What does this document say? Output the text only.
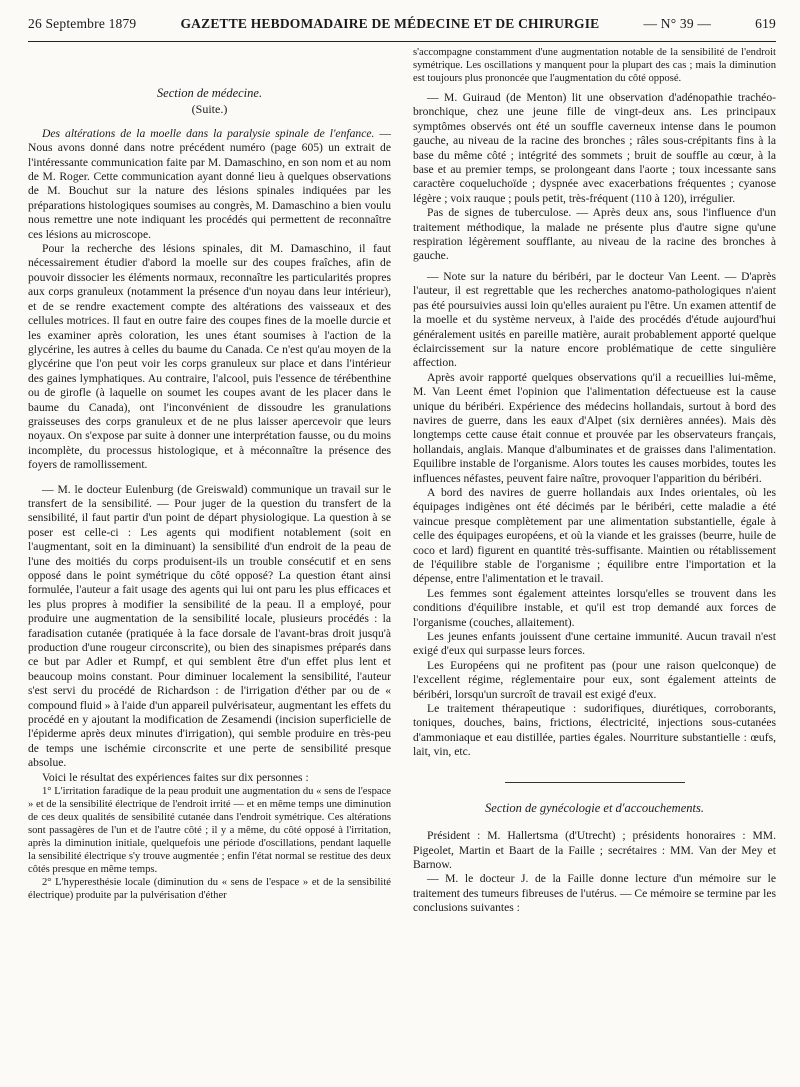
26 Septembre 1879	GAZETTE HEBDOMADAIRE DE MÉDECINE ET DE CHIRURGIE	— N° 39 —	619
Section de médecine.
(Suite.)

Des altérations de la moelle dans la paralysie spinale de l'enfance. — Nous avons donné dans notre précédent numéro (page 605) un extrait de l'intéressante communication faite par M. Damaschino, en son nom et au nom de M. Roger. Cette communication ayant donné lieu à quelques observations de M. Bouchut sur la nature des lésions spinales indiquées par les préparations histologiques soumises au congrès, M. Damaschino a bien voulu nous remettre une note indiquant les procédés qui permettent de reconnaître ces lésions au microscope.

Pour la recherche des lésions spinales, dit M. Damaschino, il faut nécessairement étudier d'abord la moelle sur des coupes fraîches, afin de pouvoir dissocier les éléments normaux, reconnaître les particularités propres aux corps granuleux (notamment la présence d'un noyau dans leur intérieur), et de se rendre exactement compte des altérations des vaisseaux et des cellules motrices. Il faut en outre faire des coupes fines de la moelle durcie et les examiner après coloration, les unes étant soumises à l'action de la glycérine, les autres à celles du baume du Canada. Ce n'est qu'au moyen de la glycérine que l'on peut voir les corps granuleux sur place et dans l'intérieur des gaines lymphatiques. Au contraire, l'alcool, puis l'essence de térébenthine ou de girofle (à laquelle on soumet les coupes avant de les placer dans le baume du Canada), ont l'inconvénient de dissoudre les granulations graisseuses des corps granuleux et de ne plus laisser apercevoir que leurs noyaux. On s'expose par suite à donner une interprétation fausse, ou du moins incomplète, du processus histologique, et à méconnaître la présence des foyers de ramollissement.

— M. le docteur Eulenburg (de Greiswald) communique un travail sur le transfert de la sensibilité. — Pour juger de la question du transfert de la sensibilité, il faut partir d'un point de départ physiologique. La question à se poser est celle-ci : Les agents qui modifient notablement (soit en l'augmentant, soit en la diminuant) la sensibilité d'un endroit de la peau de l'une des moitiés du corps produisent-ils un trouble consécutif et en sens opposé dans le point symétrique du côté opposé? La question étant ainsi formulée, l'auteur a fait usage des agents qui lui ont paru les plus efficaces et les plus propres à modifier la sensibilité de la peau. Il a employé, pour produire une augmentation de la sensibilité locale, plusieurs procédés : la faradisation cutanée (pratiquée à la face dorsale de l'avant-bras droit jusqu'à production d'une rougeur circonscrite), ou bien des sinapismes préparés dans ce but par Adler et Rumpf, et qui semblent être d'un effet plus lent et beaucoup moins constant. Pour diminuer localement la sensibilité, l'auteur s'est servi du procédé de Richardson : de l'irrigation d'éther par ou de « compound fluid » à l'aide d'un appareil pulvérisateur, augmentant les effets du procédé en y ajoutant la modification de Zesamendi (incision superficielle de l'épiderme après deux minutes d'irrigation), qui semble produire en très-peu de temps une ischémie circonscrite et une perte de sensibilité presque absolue.

Voici le résultat des expériences faites sur dix personnes :

1° L'irritation faradique de la peau produit une augmentation du « sens de l'espace » et de la sensibilité électrique de l'endroit irrité — et en même temps une diminution de ces deux qualités de sensibilité cutanée dans l'endroit symétrique. Ces altérations sont passagères de l'un et de l'autre côté ; il y a même, du côté opposé à l'irritation, après la diminution initiale, quelquefois une période d'oscillations, pendant laquelle la sensibilité électrique s'y trouve augmentée ; enfin l'état normal se restitue des deux côtés presque en même temps.

2° L'hyperesthésie locale (diminution du « sens de l'espace » et de la sensibilité électrique) produite par la pulvérisation d'éther

s'accompagne constamment d'une augmentation notable de la sensibilité de l'endroit symétrique. Les oscillations y manquent pour la plupart des cas ; mais la diminution est toujours plus prononcée que l'augmentation du côté opposé.

— M. Guiraud (de Menton) lit une observation d'adénopathie trachéo-bronchique, chez une jeune fille de vingt-deux ans. Les principaux symptômes observés ont été un souffle caverneux intense dans le poumon gauche, au niveau de la racine des bronches ; râles sous-crépitants fins à la base du même côté ; intégrité des sommets ; bruit de souffle au cœur, à la base et au premier temps, se prolongeant dans l'aorte ; toux incessante sans caractère coqueluchoïde ; dyspnée avec exacerbations fréquentes ; cyanose légère ; voix rauque ; pouls petit, très-fréquent (110 à 120), irrégulier.

Pas de signes de tuberculose. — Après deux ans, sous l'influence d'un traitement méthodique, la malade ne présente plus d'autre signe qu'une respiration légèrement soufflante, au niveau de la racine des bronches à gauche.

— Note sur la nature du béribéri, par le docteur Van Leent. — D'après l'auteur, il est regrettable que les recherches anatomo-pathologiques n'aient pas été poursuivies aussi loin qu'elles auraient pu l'être. Un examen attentif de la moelle et du système nerveux, à l'aide des procédés d'étude aujourd'hui généralement usités en pareille matière, aurait probablement apporté quelque éclaircissement sur la nature encore problématique de cette singulière affection.

Après avoir rapporté quelques observations qu'il a recueillies lui-même, M. Van Leent émet l'opinion que l'alimentation défectueuse est la cause unique du béribéri. Expérience des médecins hollandais, surtout à bord des navires de guerre, dans les eaux d'Alpet (six dernières années). Mais dès longtemps cette cause était connue et prouvée par les observateurs français, hollandais, anglais. Manque d'albuminates et de graisses dans l'alimentation. Equilibre instable de l'organisme. Alors toutes les causes morbides, toutes les influences néfastes, peuvent faire naître, provoquer l'apparition du béribéri.

A bord des navires de guerre hollandais aux Indes orientales, où les équipages indigènes ont été décimés par le béribéri, cette maladie a été vaincue presque complètement par une alimentation substantielle, égale à celle des équipages européens, et où la viande et les graisses (beurre, huile de coco et lard) figurent en quantité très-suffisante. Maintien ou rétablissement de l'équilibre stable de l'organisme ; équilibre entre l'importation et la dépense, entre l'alimentation et le travail.

Les femmes sont également atteintes lorsqu'elles se trouvent dans les conditions d'équilibre instable, et qu'il est trop demandé aux forces de l'organisme (couches, allaitement).

Les jeunes enfants jouissent d'une certaine immunité. Aucun travail n'est exigé d'eux qui surpasse leurs forces.

Les Européens qui ne profitent pas (pour une raison quelconque) de l'excellent régime, réglementaire pour eux, sont également atteints de béribéri, lorsqu'un surcroît de travail est exigé d'eux.

Le traitement thérapeutique : sudorifiques, diurétiques, corroborants, toniques, douches, bains, frictions, électricité, injections sous-cutanées d'ammoniaque et eau distillée, parties égales. Nourriture substantielle : œufs, lait, vin, etc.

Section de gynécologie et d'accouchements.

Président : M. Hallertsma (d'Utrecht) ; présidents honoraires : MM. Pigeolet, Martin et Baart de la Faille ; secrétaires : MM. Van der Mey et Barnow.

— M. le docteur J. de la Faille donne lecture d'un mémoire sur le traitement des tumeurs fibreuses de l'utérus. — Ce mémoire se termine par les conclusions suivantes :
